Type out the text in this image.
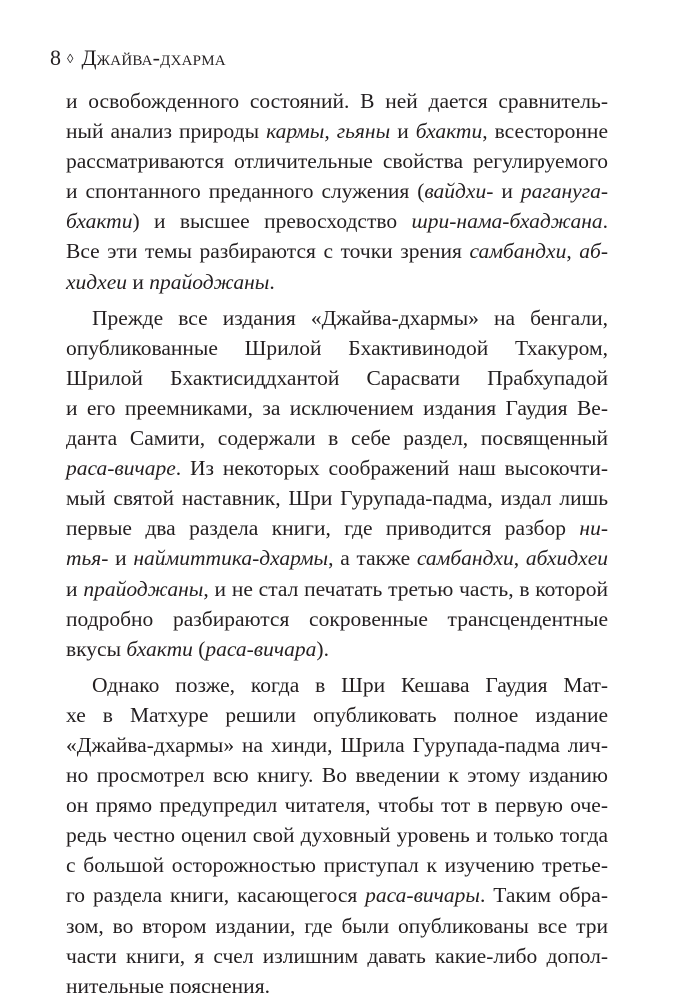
8 ◊ Джайва-дхарма
и освобожденного состояний. В ней дается сравнитель-
ный анализ природы кармы, гьяны и бхакти, всесторонне
рассматриваются отличительные свойства регулируемого
и спонтанного преданного служения (вайдхи- и рагануга-
бхакти) и высшее превосходство шри-нама-бхаджана.
Все эти темы разбираются с точки зрения самбандхи, аб-
хидхеи и прайоджаны.
Прежде все издания «Джайва-дхармы» на бенгали,
опубликованные Шрилой Бхактивинодой Тхакуром,
Шрилой Бхактисиддхантой Сарасвати Прабхупадой
и его преемниками, за исключением издания Гаудия Ве-
данта Самити, содержали в себе раздел, посвященный
раса-вичаре. Из некоторых соображений наш высокочти-
мый святой наставник, Шри Гурупада-падма, издал лишь
первые два раздела книги, где приводится разбор ни-
тья- и наймиттика-дхармы, а также самбандхи, абхидхеи
и прайоджаны, и не стал печатать третью часть, в которой
подробно разбираются сокровенные трансцендентные
вкусы бхакти (раса-вичара).
Однако позже, когда в Шри Кешава Гаудия Мат-
хе в Матхуре решили опубликовать полное издание
«Джайва-дхармы» на хинди, Шрила Гурупада-падма лич-
но просмотрел всю книгу. Во введении к этому изданию
он прямо предупредил читателя, чтобы тот в первую оче-
редь честно оценил свой духовный уровень и только тогда
с большой осторожностью приступал к изучению третье-
го раздела книги, касающегося раса-вичары. Таким обра-
зом, во втором издании, где были опубликованы все три
части книги, я счел излишним давать какие-либо допол-
нительные пояснения.
